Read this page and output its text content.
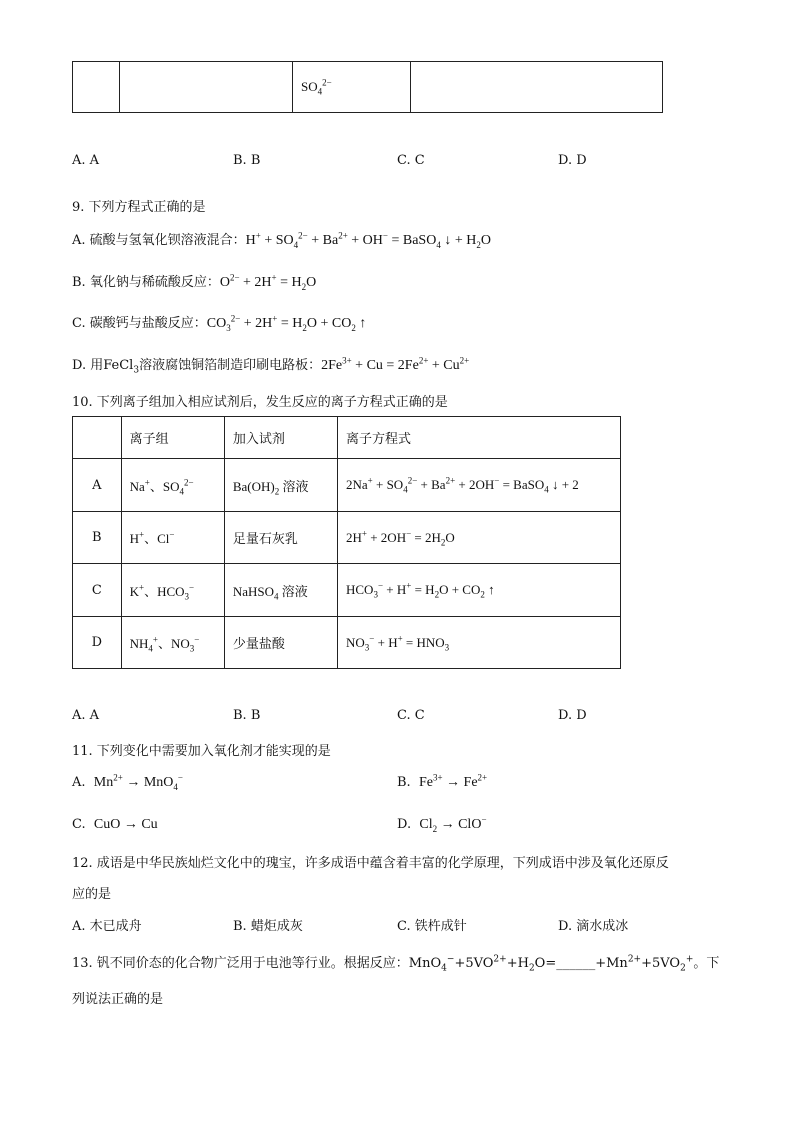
		$SO_4^{2-}$	
A. A	B. B	C. C	D. D
9. 下列方程式正确的是
A. 硫酸与氢氧化钡溶液混合：$H^+ + SO_4^{2-} + Ba^{2+} + OH^-$ = BaSO$_4$ ↓ + $H_2O$
B. 氧化钠与稀硫酸反应：$O^{2-} + 2H^+ = H_2O$
C. 碳酸钙与盐酸反应：$CO_3^{2-} + 2H^+ = H_2O + CO_2$ ↑
D. 用FeCl$_3$溶液腐蚀铜箔制造印刷电路板：$2Fe^{3+} + Cu = 2Fe^{2+} + Cu^{2+}$
10. 下列离子组加入相应试剂后，发生反应的离子方程式正确的是
	离子组	加入试剂	离子方程式
A	Na+、$SO_4^{2-}$	$Ba(OH)_2$ 溶液	$2Na^+ + SO_4^{2-} + Ba^{2+} + 2OH^-$ = BaSO$_4$ ↓ + 2

B	H+、Cl−	足量石灰乳	$2H^+ + 2OH^- = 2H_2O$
C	K+、$HCO_3^-$	NaHSO$_4$ 溶液	$HCO_3^- + H^+ = H_2O + CO_2$ ↑
D	$NH_4^+$、$NO_3^-$	少量盐酸	$NO_3^- + H^+ = HNO_3$
A. A	B. B	C. C	D. D
11. 下列变化中需要加入氧化剂才能实现的是
A. $Mn^{2+} \to MnO_4^-$	B. $Fe^{3+} \to Fe^{2+}$
C. CuO → Cu	D. $Cl_2 \to ClO^-$
12. 成语是中华民族灿烂文化中的瑰宝，许多成语中蕴含着丰富的化学原理，下列成语中涉及氧化还原反
应的是
A. 木已成舟	B. 蜡炬成灰	C. 铁杵成针	D. 滴水成冰
13. 钒不同价态的化合物广泛用于电池等行业。根据反应：$MnO_4^-+5VO^{2+}+H_2O=\_\_\_\_\_\_+Mn^{2+}+5VO_2^+$。下
列说法正确的是
